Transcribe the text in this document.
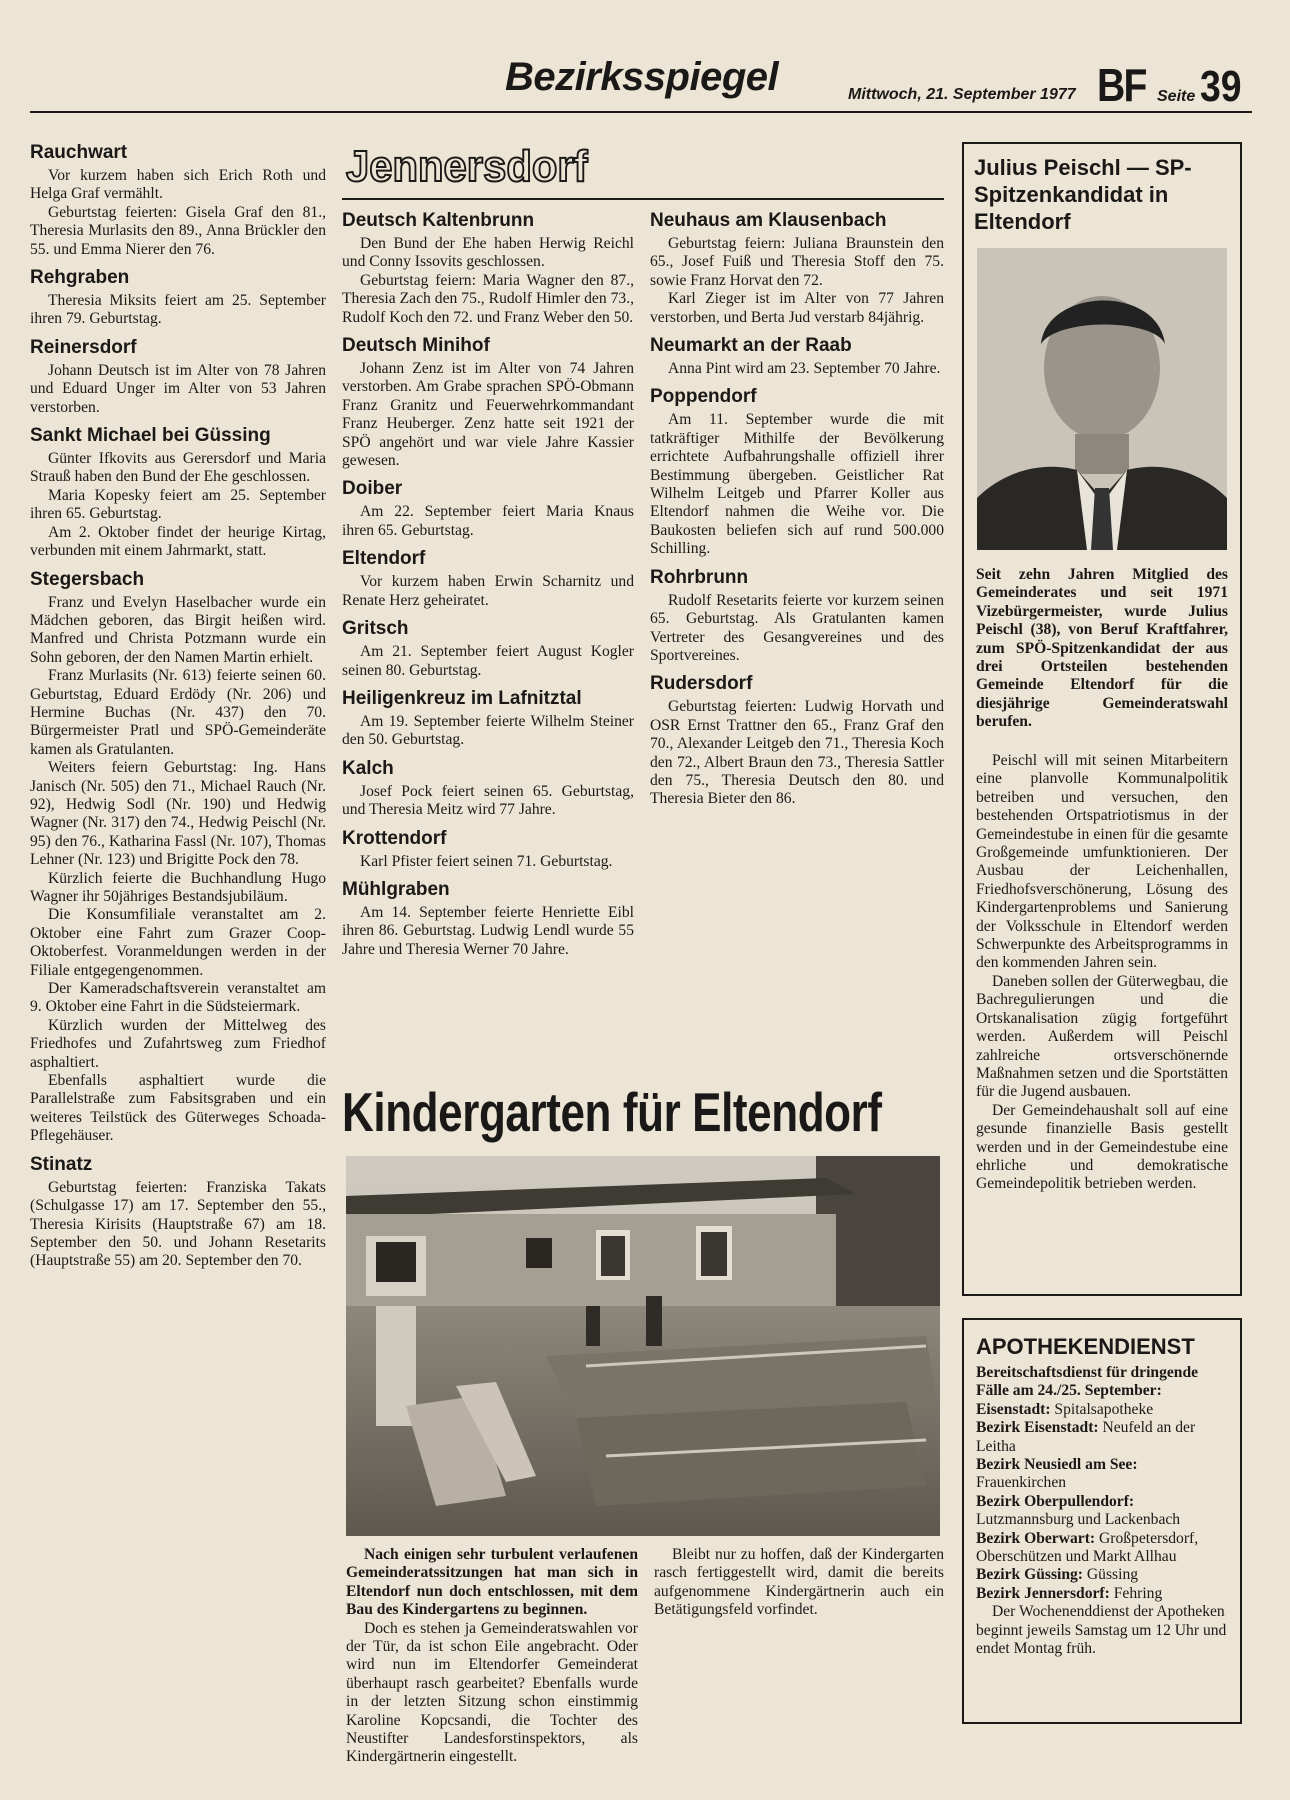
Bezirksspiegel	Mittwoch, 21. September 1977 BF Seite 39
Rauchwart

Vor kurzem haben sich Erich Roth und Helga Graf vermählt.

Geburtstag feierten: Gisela Graf den 81., Theresia Murlasits den 89., Anna Brückler den 55. und Emma Nierer den 76.

Rehgraben

Theresia Miksits feiert am 25. September ihren 79. Geburtstag.

Reinersdorf

Johann Deutsch ist im Alter von 78 Jahren und Eduard Unger im Alter von 53 Jahren verstorben.

Sankt Michael bei Güssing

Günter Ifkovits aus Gerersdorf und Maria Strauß haben den Bund der Ehe geschlossen.

Maria Kopesky feiert am 25. September ihren 65. Geburtstag.

Am 2. Oktober findet der heurige Kirtag, verbunden mit einem Jahrmarkt, statt.

Stegersbach

Franz und Evelyn Haselbacher wurde ein Mädchen geboren, das Birgit heißen wird. Manfred und Christa Potzmann wurde ein Sohn geboren, der den Namen Martin erhielt.

Franz Murlasits (Nr. 613) feierte seinen 60. Geburtstag, Eduard Erdödy (Nr. 206) und Hermine Buchas (Nr. 437) den 70. Bürgermeister Pratl und SPÖ-Gemeinderäte kamen als Gratulanten.

Weiters feiern Geburtstag: Ing. Hans Janisch (Nr. 505) den 71., Michael Rauch (Nr. 92), Hedwig Sodl (Nr. 190) und Hedwig Wagner (Nr. 317) den 74., Hedwig Peischl (Nr. 95) den 76., Katharina Fassl (Nr. 107), Thomas Lehner (Nr. 123) und Brigitte Pock den 78.

Kürzlich feierte die Buchhandlung Hugo Wagner ihr 50jähriges Bestandsjubiläum.

Die Konsumfiliale veranstaltet am 2. Oktober eine Fahrt zum Grazer Coop-Oktoberfest. Voranmeldungen werden in der Filiale entgegengenommen.

Der Kameradschaftsverein veranstaltet am 9. Oktober eine Fahrt in die Südsteiermark.

Kürzlich wurden der Mittelweg des Friedhofes und Zufahrtsweg zum Friedhof asphaltiert.

Ebenfalls asphaltiert wurde die Parallelstraße zum Fabsitsgraben und ein weiteres Teilstück des Güterweges Schoada-Pflegehäuser.

Stinatz

Geburtstag feierten: Franziska Takats (Schulgasse 17) am 17. September den 55., Theresia Kirisits (Hauptstraße 67) am 18. September den 50. und Johann Resetarits (Hauptstraße 55) am 20. September den 70.

Jennersdorf
Deutsch Kaltenbrunn

Den Bund der Ehe haben Herwig Reichl und Conny Issovits geschlossen.

Geburtstag feiern: Maria Wagner den 87., Theresia Zach den 75., Rudolf Himler den 73., Rudolf Koch den 72. und Franz Weber den 50.

Deutsch Minihof

Johann Zenz ist im Alter von 74 Jahren verstorben. Am Grabe sprachen SPÖ-Obmann Franz Granitz und Feuerwehrkommandant Franz Heuberger. Zenz hatte seit 1921 der SPÖ angehört und war viele Jahre Kassier gewesen.

Doiber

Am 22. September feiert Maria Knaus ihren 65. Geburtstag.

Eltendorf

Vor kurzem haben Erwin Scharnitz und Renate Herz geheiratet.

Gritsch

Am 21. September feiert August Kogler seinen 80. Geburtstag.

Heiligenkreuz im Lafnitztal

Am 19. September feierte Wilhelm Steiner den 50. Geburtstag.

Kalch

Josef Pock feiert seinen 65. Geburtstag, und Theresia Meitz wird 77 Jahre.

Krottendorf

Karl Pfister feiert seinen 71. Geburtstag.

Mühlgraben

Am 14. September feierte Henriette Eibl ihren 86. Geburtstag. Ludwig Lendl wurde 55 Jahre und Theresia Werner 70 Jahre.

Neuhaus am Klausenbach

Geburtstag feiern: Juliana Braunstein den 65., Josef Fuiß und Theresia Stoff den 75. sowie Franz Horvat den 72.

Karl Zieger ist im Alter von 77 Jahren verstorben, und Berta Jud verstarb 84jährig.

Neumarkt an der Raab

Anna Pint wird am 23. September 70 Jahre.

Poppendorf

Am 11. September wurde die mit tatkräftiger Mithilfe der Bevölkerung errichtete Aufbahrungshalle offiziell ihrer Bestimmung übergeben. Geistlicher Rat Wilhelm Leitgeb und Pfarrer Koller aus Eltendorf nahmen die Weihe vor. Die Baukosten beliefen sich auf rund 500.000 Schilling.

Rohrbrunn

Rudolf Resetarits feierte vor kurzem seinen 65. Geburtstag. Als Gratulanten kamen Vertreter des Gesangvereines und des Sportvereines.

Rudersdorf

Geburtstag feierten: Ludwig Horvath und OSR Ernst Trattner den 65., Franz Graf den 70., Alexander Leitgeb den 71., Theresia Koch den 72., Albert Braun den 73., Theresia Sattler den 75., Theresia Deutsch den 80. und Theresia Bieter den 86.

Kindergarten für Eltendorf

Nach einigen sehr turbulent verlaufenen Gemeinderatssitzungen hat man sich in Eltendorf nun doch entschlossen, mit dem Bau des Kindergartens zu beginnen.

Doch es stehen ja Gemeinderatswahlen vor der Tür, da ist schon Eile angebracht. Oder wird nun im Eltendorfer Gemeinderat überhaupt rasch gearbeitet? Ebenfalls wurde in der letzten Sitzung schon einstimmig Karoline Kopcsandi, die Tochter des Neustifter Landesforstinspektors, als Kindergärtnerin eingestellt.

Bleibt nur zu hoffen, daß der Kindergarten rasch fertiggestellt wird, damit die bereits aufgenommene Kindergärtnerin auch ein Betätigungsfeld vorfindet.

Julius Peischl — SP-Spitzenkandidat in Eltendorf
Seit zehn Jahren Mitglied des Gemeinderates und seit 1971 Vizebürgermeister, wurde Julius Peischl (38), von Beruf Kraftfahrer, zum SPÖ-Spitzenkandidat der aus drei Ortsteilen bestehenden Gemeinde Eltendorf für die diesjährige Gemeinderatswahl berufen.

Peischl will mit seinen Mitarbeitern eine planvolle Kommunalpolitik betreiben und versuchen, den bestehenden Ortspatriotismus in der Gemeindestube in einen für die gesamte Großgemeinde umfunktionieren. Der Ausbau der Leichenhallen, Friedhofsverschönerung, Lösung des Kindergartenproblems und Sanierung der Volksschule in Eltendorf werden Schwerpunkte des Arbeitsprogramms in den kommenden Jahren sein.

Daneben sollen der Güterwegbau, die Bachregulierungen und die Ortskanalisation zügig fortgeführt werden. Außerdem will Peischl zahlreiche ortsverschönernde Maßnahmen setzen und die Sportstätten für die Jugend ausbauen.

Der Gemeindehaushalt soll auf eine gesunde finanzielle Basis gestellt werden und in der Gemeindestube eine ehrliche und demokratische Gemeindepolitik betrieben werden.

APOTHEKENDIENST
Bereitschaftsdienst für dringende Fälle am 24./25. September:
Eisenstadt: Spitalsapotheke
Bezirk Eisenstadt: Neufeld an der Leitha
Bezirk Neusiedl am See: Frauenkirchen
Bezirk Oberpullendorf: Lutzmannsburg und Lackenbach
Bezirk Oberwart: Großpetersdorf, Oberschützen und Markt Allhau
Bezirk Güssing: Güssing
Bezirk Jennersdorf: Fehring
Der Wochenenddienst der Apotheken beginnt jeweils Samstag um 12 Uhr und endet Montag früh.
